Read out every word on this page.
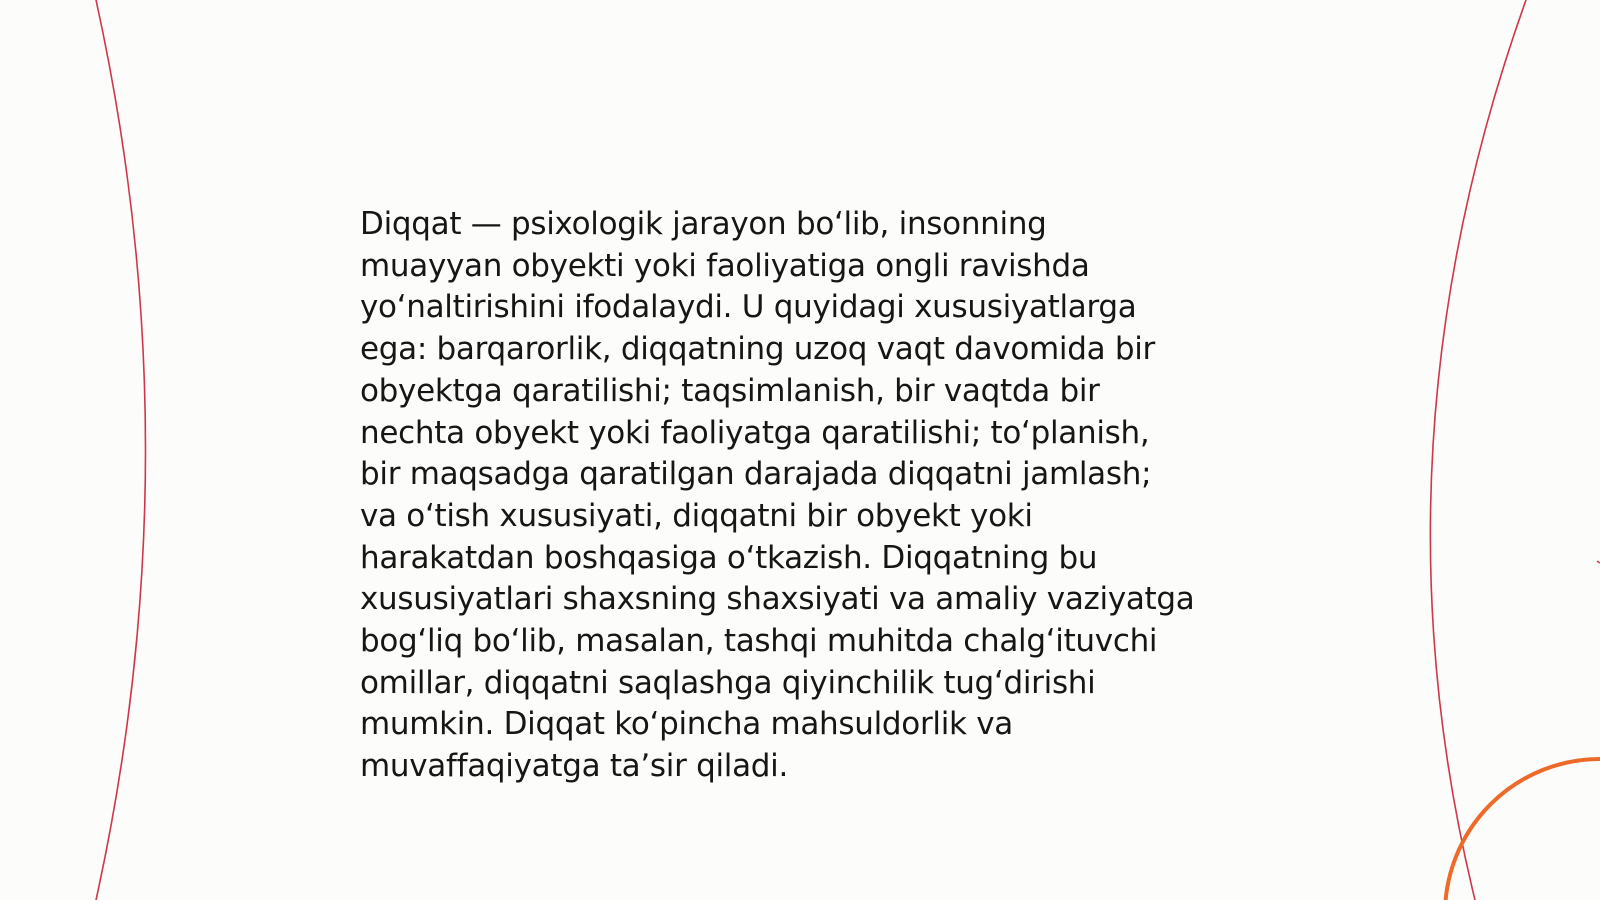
Diqqat — psixologik jarayon bo‘lib, insonning
muayyan obyekti yoki faoliyatiga ongli ravishda
yo‘naltirishini ifodalaydi. U quyidagi xususiyatlarga
ega: barqarorlik, diqqatning uzoq vaqt davomida bir
obyektga qaratilishi; taqsimlanish, bir vaqtda bir
nechta obyekt yoki faoliyatga qaratilishi; to‘planish,
bir maqsadga qaratilgan darajada diqqatni jamlash;
va o‘tish xususiyati, diqqatni bir obyekt yoki
harakatdan boshqasiga o‘tkazish. Diqqatning bu
xususiyatlari shaxsning shaxsiyati va amaliy vaziyatga
bog‘liq bo‘lib, masalan, tashqi muhitda chalg‘ituvchi
omillar, diqqatni saqlashga qiyinchilik tug‘dirishi
mumkin. Diqqat ko‘pincha mahsuldorlik va
muvaffaqiyatga ta’sir qiladi.
